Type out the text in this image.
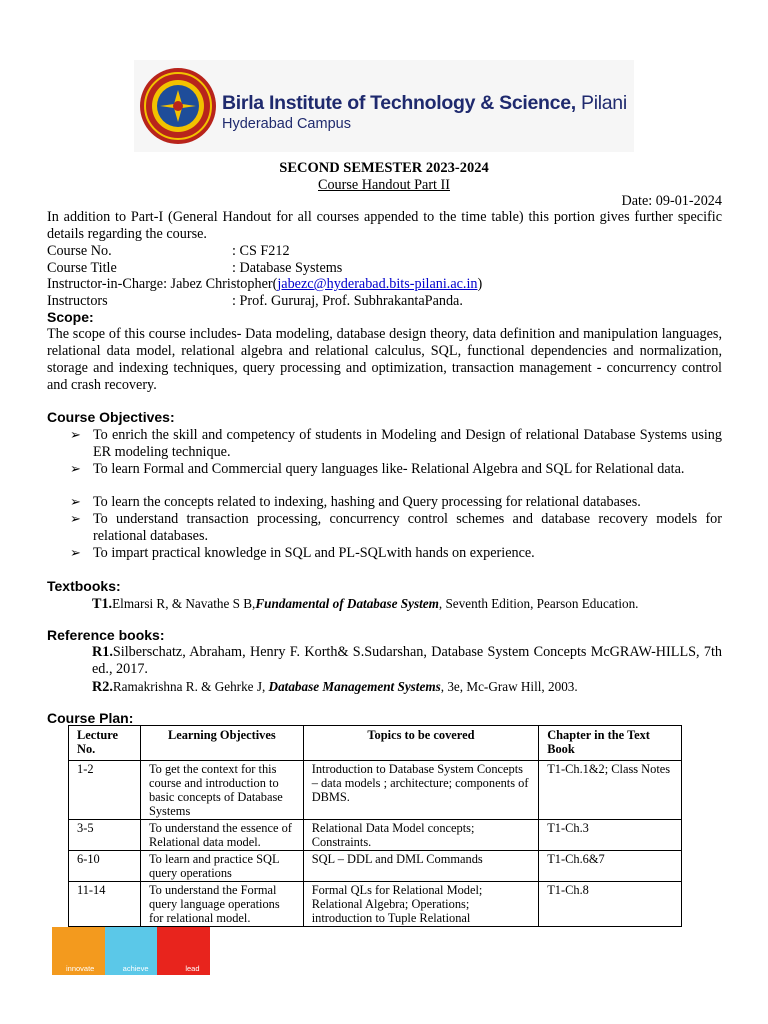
Birla Institute of Technology & Science, Pilani
Hyderabad Campus
SECOND SEMESTER 2023-2024
Course Handout Part II
Date: 09-01-2024
In addition to Part-I (General Handout for all courses appended to the time table) this portion gives further specific details regarding the course.
Course No.	: CS F212
Course Title	: Database Systems
Instructor-in-Charge: Jabez Christopher(jabezc@hyderabad.bits-pilani.ac.in)
Instructors	: Prof. Gururaj, Prof. SubhrakantaPanda.
Scope:
The scope of this course includes- Data modeling, database design theory, data definition and manipulation languages, relational data model, relational algebra and relational calculus, SQL, functional dependencies and normalization, storage and indexing techniques, query processing and optimization, transaction management - concurrency control and crash recovery.
Course Objectives:
➢ To enrich the skill and competency of students in Modeling and Design of relational Database Systems using ER modeling technique.
➢ To learn Formal and Commercial query languages like- Relational Algebra and SQL for Relational data.
➢ To learn the concepts related to indexing, hashing and Query processing for relational databases.
➢ To understand transaction processing, concurrency control schemes and database recovery models for relational databases.
➢ To impart practical knowledge in SQL and PL-SQLwith hands on experience.
Textbooks:
T1.Elmarsi R, & Navathe S B,Fundamental of Database System, Seventh Edition, Pearson Education.
Reference books:
R1.Silberschatz, Abraham, Henry F. Korth& S.Sudarshan, Database System Concepts McGRAW-HILLS, 7th ed., 2017.
R2.Ramakrishna R. & Gehrke J, Database Management Systems, 3e, Mc-Graw Hill, 2003.
Course Plan:
Lecture No.	Learning Objectives	Topics to be covered	Chapter in the Text Book
1-2	To get the context for this course and introduction to basic concepts of Database Systems	Introduction to Database System Concepts – data models ; architecture; components of DBMS.	T1-Ch.1&2; Class Notes
3-5	To understand the essence of Relational data model.	Relational Data Model concepts; Constraints.	T1-Ch.3
6-10	To learn and practice SQL query operations	SQL – DDL and DML Commands	T1-Ch.6&7
11-14	To understand the Formal query language operations for relational model.	Formal QLs for Relational Model; Relational Algebra; Operations; introduction to Tuple Relational	T1-Ch.8
innovate	achieve	lead
